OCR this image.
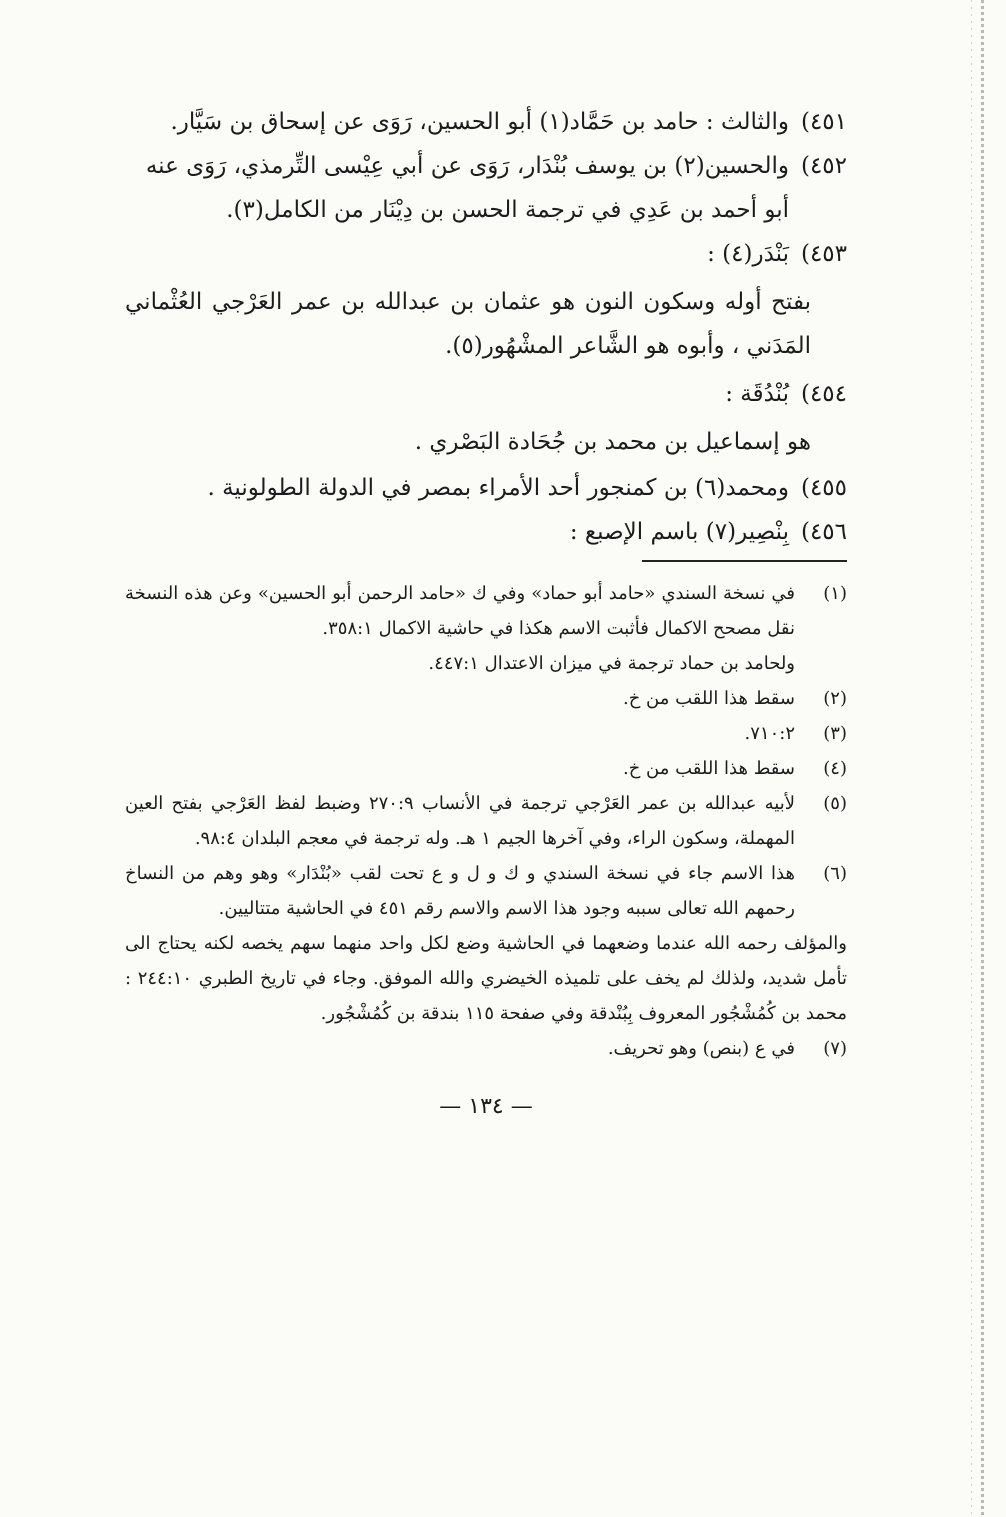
٤٥١)
والثالث : حامد بن حَمَّاد(١) أبو الحسين، رَوَى عن إسحاق بن سَيَّار.
٤٥٢)
والحسين(٢) بن يوسف بُنْدَار، رَوَى عن أبي عِيْسى التِّرمذي، رَوَى عنه أبو أحمد بن عَدِي في ترجمة الحسن بن دِيْنَار من الكامل(٣).
٤٥٣)
بَنْدَر(٤) :
بفتح أوله وسكون النون هو عثمان بن عبدالله بن عمر العَرْجي العُثْماني المَدَني ، وأبوه هو الشَّاعر المشْهُور(٥).
٤٥٤)
بُنْدُقَة :
هو إسماعيل بن محمد بن جُحَادة البَصْري .
٤٥٥)
ومحمد(٦) بن كمنجور أحد الأمراء بمصر في الدولة الطولونية .
٤٥٦)
بِنْصِير(٧) باسم الإصبع :
(١)
في نسخة السندي «حامد أبو حماد» وفي ك «حامد الرحمن أبو الحسين» وعن هذه النسخة نقل مصحح الاكمال فأثبت الاسم هكذا في حاشية الاكمال ٣٥٨:١.
ولحامد بن حماد ترجمة في ميزان الاعتدال ٤٤٧:١.
(٢)
سقط هذا اللقب من خ.
(٣)
٧١٠:٢.
(٤)
سقط هذا اللقب من خ.
(٥)
لأبيه عبدالله بن عمر العَرْجي ترجمة في الأنساب ٢٧٠:٩ وضبط لفظ العَرْجي بفتح العين المهملة، وسكون الراء، وفي آخرها الجيم ١ هـ. وله ترجمة في معجم البلدان ٩٨:٤.
(٦)
هذا الاسم جاء في نسخة السندي و ك و ل و ع تحت لقب «بُنْدَار» وهو وهم من النساخ رحمهم الله تعالى سببه وجود هذا الاسم والاسم رقم ٤٥١ في الحاشية متتاليين.
والمؤلف رحمه الله عندما وضعهما في الحاشية وضع لكل واحد منهما سهم يخصه لكنه يحتاج الى تأمل شديد، ولذلك لم يخف على تلميذه الخيضري والله الموفق. وجاء في تاريخ الطبري ٢٤٤:١٠ : محمد بن كُمُشْجُور المعروف بِبُنْدقة وفي صفحة ١١٥ بندقة بن كُمُشْجُور.
(٧)
في ع (بنص) وهو تحريف.
— ١٣٤ —
